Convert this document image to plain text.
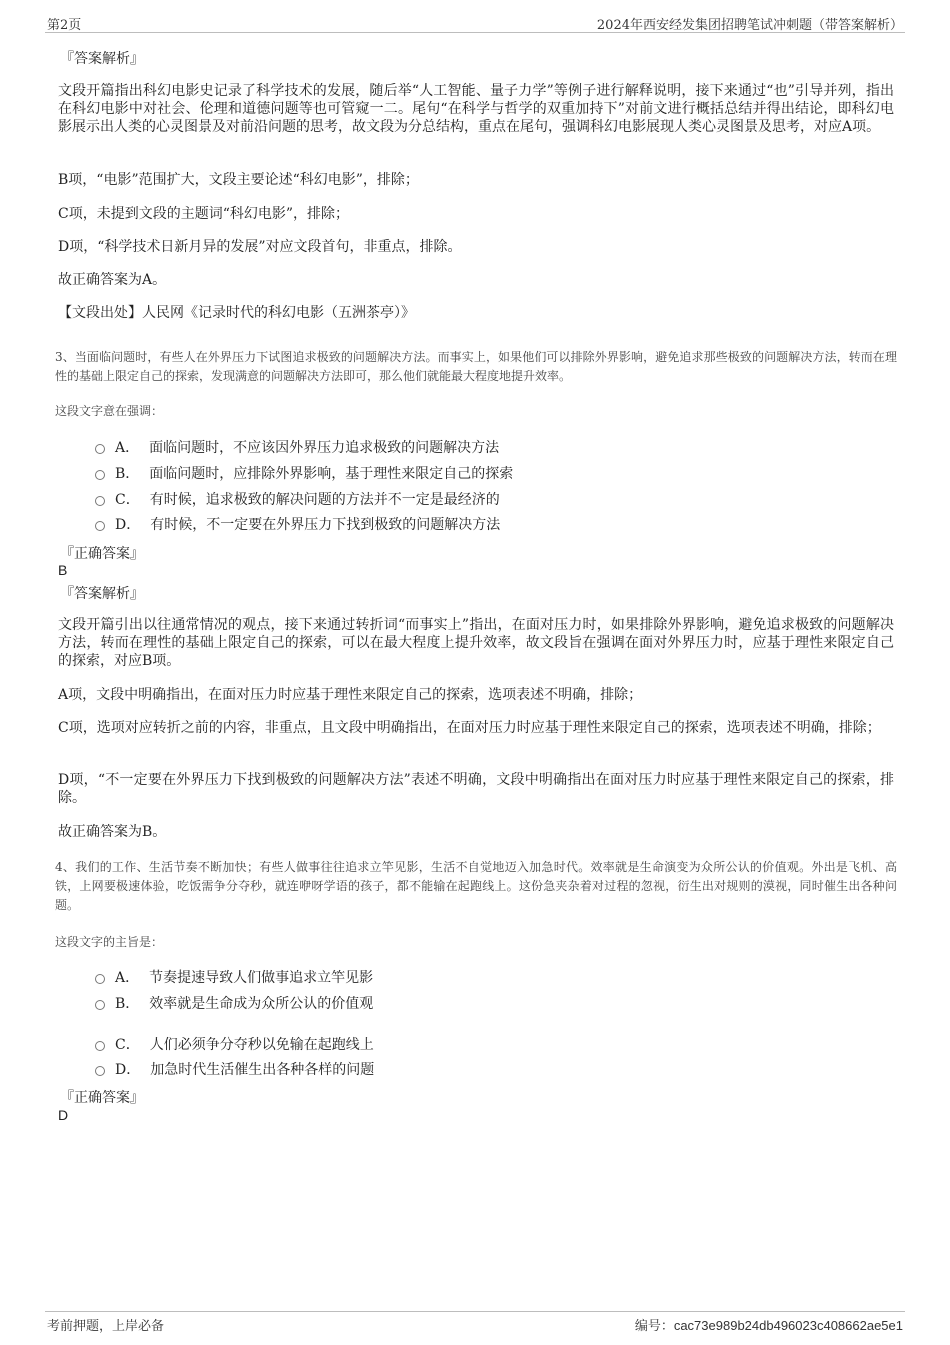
第2页	2024年西安经发集团招聘笔试冲刺题（带答案解析）
『答案解析』
文段开篇指出科幻电影史记录了科学技术的发展，随后举“人工智能、量子力学”等例子进行解释说明，接下来通过“也”引导并列，指出在科幻电影中对社会、伦理和道德问题等也可管窥一二。尾句“在科学与哲学的双重加持下”对前文进行概括总结并得出结论，即科幻电影展示出人类的心灵图景及对前沿问题的思考，故文段为分总结构，重点在尾句，强调科幻电影展现人类心灵图景及思考，对应A项。
B项，“电影”范围扩大，文段主要论述“科幻电影”，排除；
C项，未提到文段的主题词“科幻电影”，排除；
D项，“科学技术日新月异的发展”对应文段首句，非重点，排除。
故正确答案为A。
【文段出处】人民网《记录时代的科幻电影（五洲茶亭）》
3、当面临问题时，有些人在外界压力下试图追求极致的问题解决方法。而事实上，如果他们可以排除外界影响，避免追求那些极致的问题解决方法，转而在理性的基础上限定自己的探索，发现满意的问题解决方法即可，那么他们就能最大程度地提升效率。
这段文字意在强调：
A． 面临问题时，不应该因外界压力追求极致的问题解决方法
B． 面临问题时，应排除外界影响，基于理性来限定自己的探索
C． 有时候，追求极致的解决问题的方法并不一定是最经济的
D． 有时候，不一定要在外界压力下找到极致的问题解决方法
『正确答案』
B
『答案解析』
文段开篇引出以往通常情况的观点，接下来通过转折词“而事实上”指出，在面对压力时，如果排除外界影响，避免追求极致的问题解决方法，转而在理性的基础上限定自己的探索，可以在最大程度上提升效率，故文段旨在强调在面对外界压力时，应基于理性来限定自己的探索，对应B项。
A项，文段中明确指出，在面对压力时应基于理性来限定自己的探索，选项表述不明确，排除；
C项，选项对应转折之前的内容，非重点，且文段中明确指出，在面对压力时应基于理性来限定自己的探索，选项表述不明确，排除；
D项，“不一定要在外界压力下找到极致的问题解决方法”表述不明确，文段中明确指出在面对压力时应基于理性来限定自己的探索，排除。
故正确答案为B。
4、我们的工作、生活节奏不断加快；有些人做事往往追求立竿见影，生活不自觉地迈入加急时代。效率就是生命演变为众所公认的价值观。外出是飞机、高铁，上网要极速体验，吃饭需争分夺秒，就连咿呀学语的孩子，都不能输在起跑线上。这份急夹杂着对过程的忽视，衍生出对规则的漠视，同时催生出各种问题。
这段文字的主旨是：
A． 节奏提速导致人们做事追求立竿见影
B． 效率就是生命成为众所公认的价值观
C． 人们必须争分夺秒以免输在起跑线上
D． 加急时代生活催生出各种各样的问题
『正确答案』
D
考前押题，上岸必备	编号：cac73e989b24db496023c408662ae5e1
